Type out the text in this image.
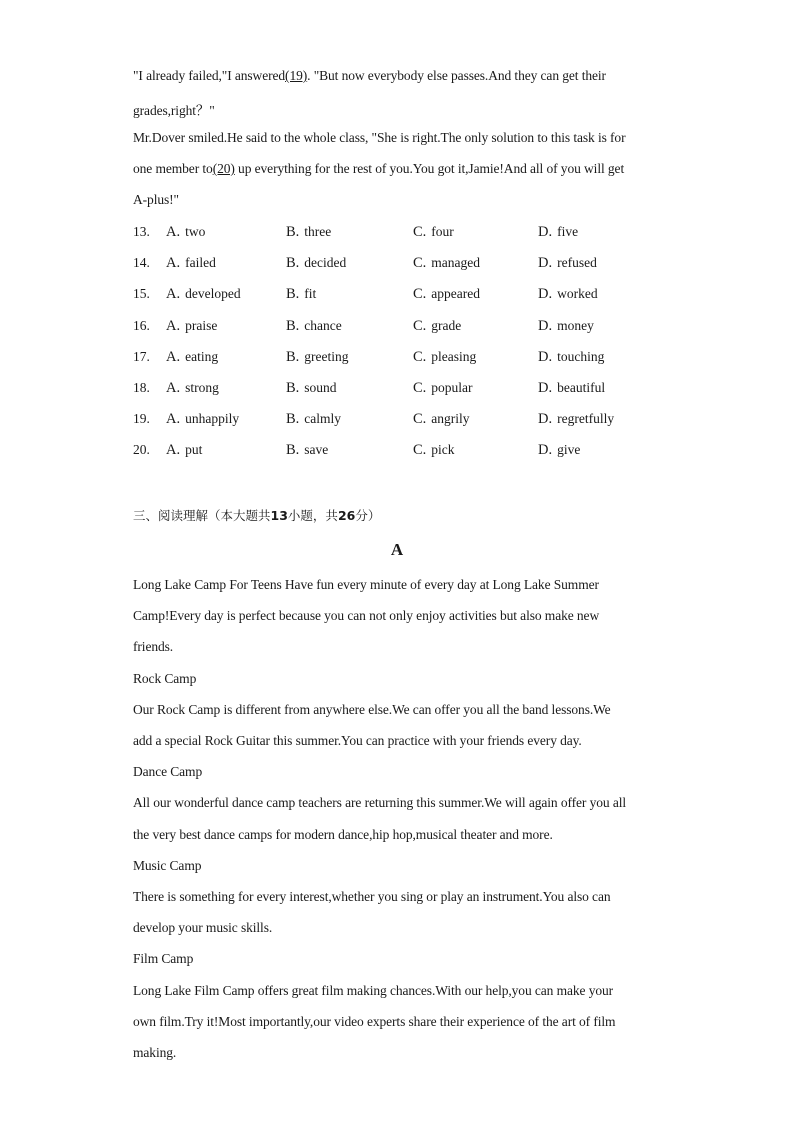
"I already failed,"I answered(19). "But now everybody else passes.And they can get their
grades,right？"
Mr.Dover smiled.He said to the whole class, "She is right.The only solution to this task is for
one member to(20) up everything for the rest of you.You got it,Jamie!And all of you will get
A-plus!"
13. A. two	B. three	C. four	D. five
14. A. failed	B. decided	C. managed	D. refused
15. A. developed	B. fit	C. appeared	D. worked
16. A. praise	B. chance	C. grade	D. money
17. A. eating	B. greeting	C. pleasing	D. touching
18. A. strong	B. sound	C. popular	D. beautiful
19. A. unhappily	B. calmly	C. angrily	D. regretfully
20. A. put	B. save	C. pick	D. give
三、阅读理解（本大题共13小题，共26分）
A
Long Lake Camp For Teens Have fun every minute of every day at Long Lake Summer
Camp!Every day is perfect because you can not only enjoy activities but also make new
friends.
Rock Camp
Our Rock Camp is different from anywhere else.We can offer you all the band lessons.We
add a special Rock Guitar this summer.You can practice with your friends every day.
Dance Camp
All our wonderful dance camp teachers are returning this summer.We will again offer you all
the very best dance camps for modern dance,hip hop,musical theater and more.
Music Camp
There is something for every interest,whether you sing or play an instrument.You also can
develop your music skills.
Film Camp
Long Lake Film Camp offers great film making chances.With our help,you can make your
own film.Try it!Most importantly,our video experts share their experience of the art of film
making.
